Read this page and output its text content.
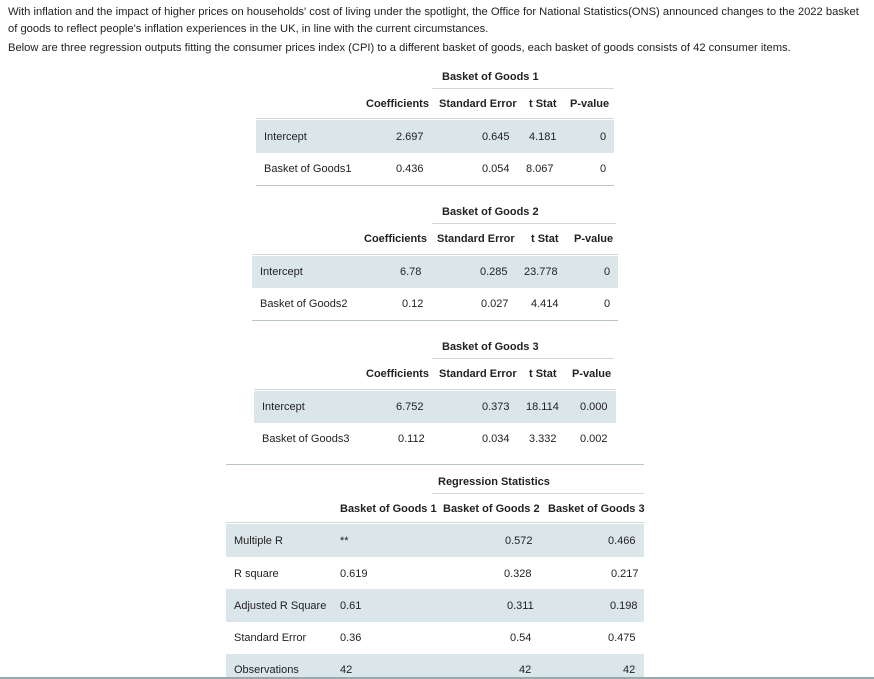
With inflation and the impact of higher prices on households' cost of living under the spotlight, the Office for National Statistics(ONS) announced changes to the 2022 basket of goods to reflect people's inflation experiences in the UK, in line with the current circumstances.

Below are three regression outputs fitting the consumer prices index (CPI) to a different basket of goods, each basket of goods consists of 42 consumer items.

Basket of Goods 1
Coefficients Standard Error t Stat P-value
Intercept	2.697	0.645 4.181	0
Basket of Goods1	0.436	0.054 8.067	0
Basket of Goods 2
Coefficients Standard Error t Stat P-value
Intercept	6.78	0.285 23.778	0
Basket of Goods2	0.12	0.027 4.414	0
Basket of Goods 3
Coefficients Standard Error t Stat P-value
Intercept	6.752	0.373 18.114 0.000
Basket of Goods3	0.112	0.034 3.332 0.002
Regression Statistics
Basket of Goods 1 Basket of Goods 2 Basket of Goods 3
Multiple R	**	0.572	0.466
R square	0.619	0.328	0.217
Adjusted R Square 0.61	0.311	0.198
Standard Error	0.36	0.54	0.475
Observations	42	42	42
